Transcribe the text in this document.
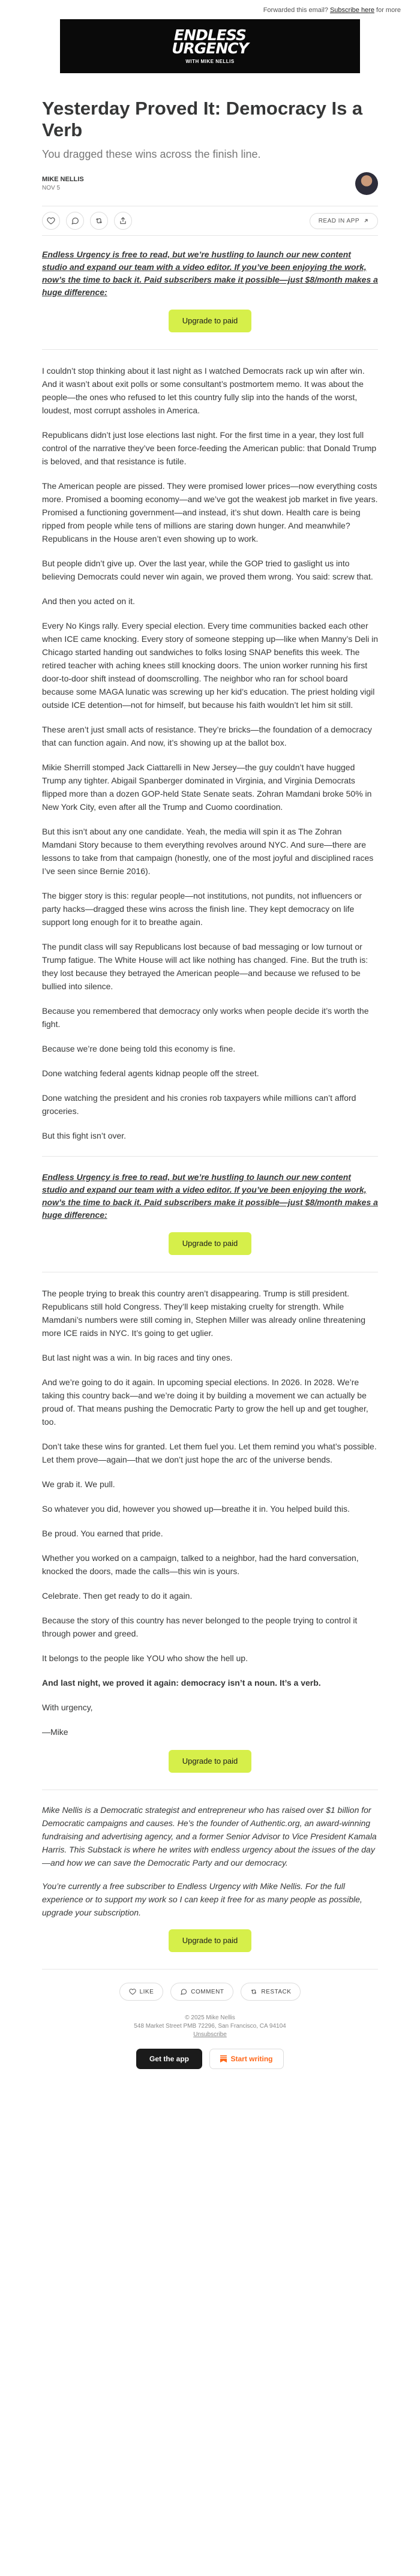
Forwarded this email? Subscribe here for more
ENDLESS
URGENCY
WITH MIKE NELLIS
Yesterday Proved It: Democracy Is a Verb
You dragged these wins across the finish line.
MIKE NELLIS
NOV 5
READ IN APP
Endless Urgency is free to read, but we’re hustling to launch our new content studio and expand our team with a video editor. If you’ve been enjoying the work, now’s the time to back it. Paid subscribers make it possible—just $8/month makes a huge difference:
Upgrade to paid

I couldn’t stop thinking about it last night as I watched Democrats rack up win after win. And it wasn’t about exit polls or some consultant’s postmortem memo. It was about the people—the ones who refused to let this country fully slip into the hands of the worst, loudest, most corrupt assholes in America.

Republicans didn’t just lose elections last night. For the first time in a year, they lost full control of the narrative they’ve been force-feeding the American public: that Donald Trump is beloved, and that resistance is futile.

The American people are pissed. They were promised lower prices—now everything costs more. Promised a booming economy—and we’ve got the weakest job market in five years. Promised a functioning government—and instead, it’s shut down. Health care is being ripped from people while tens of millions are staring down hunger. And meanwhile? Republicans in the House aren’t even showing up to work.

But people didn’t give up. Over the last year, while the GOP tried to gaslight us into believing Democrats could never win again, we proved them wrong. You said: screw that.

And then you acted on it.

Every No Kings rally. Every special election. Every time communities backed each other when ICE came knocking. Every story of someone stepping up—like when Manny’s Deli in Chicago started handing out sandwiches to folks losing SNAP benefits this week. The retired teacher with aching knees still knocking doors. The union worker running his first door-to-door shift instead of doomscrolling. The neighbor who ran for school board because some MAGA lunatic was screwing up her kid’s education. The priest holding vigil outside ICE detention—not for himself, but because his faith wouldn’t let him sit still.

These aren’t just small acts of resistance. They’re bricks—the foundation of a democracy that can function again. And now, it’s showing up at the ballot box.

Mikie Sherrill stomped Jack Ciattarelli in New Jersey—the guy couldn’t have hugged Trump any tighter. Abigail Spanberger dominated in Virginia, and Virginia Democrats flipped more than a dozen GOP-held State Senate seats. Zohran Mamdani broke 50% in New York City, even after all the Trump and Cuomo coordination.

But this isn’t about any one candidate. Yeah, the media will spin it as The Zohran Mamdani Story because to them everything revolves around NYC. And sure—there are lessons to take from that campaign (honestly, one of the most joyful and disciplined races I’ve seen since Bernie 2016).

The bigger story is this: regular people—not institutions, not pundits, not influencers or party hacks—dragged these wins across the finish line. They kept democracy on life support long enough for it to breathe again.

The pundit class will say Republicans lost because of bad messaging or low turnout or Trump fatigue. The White House will act like nothing has changed. Fine. But the truth is: they lost because they betrayed the American people—and because we refused to be bullied into silence.

Because you remembered that democracy only works when people decide it’s worth the fight.

Because we’re done being told this economy is fine.

Done watching federal agents kidnap people off the street.

Done watching the president and his cronies rob taxpayers while millions can’t afford groceries.

But this fight isn’t over.

Endless Urgency is free to read, but we’re hustling to launch our new content studio and expand our team with a video editor. If you’ve been enjoying the work, now’s the time to back it. Paid subscribers make it possible—just $8/month makes a huge difference:
Upgrade to paid

The people trying to break this country aren’t disappearing. Trump is still president. Republicans still hold Congress. They’ll keep mistaking cruelty for strength. While Mamdani’s numbers were still coming in, Stephen Miller was already online threatening more ICE raids in NYC. It’s going to get uglier.

But last night was a win. In big races and tiny ones.

And we’re going to do it again. In upcoming special elections. In 2026. In 2028. We’re taking this country back—and we’re doing it by building a movement we can actually be proud of. That means pushing the Democratic Party to grow the hell up and get tougher, too.

Don’t take these wins for granted. Let them fuel you. Let them remind you what’s possible. Let them prove—again—that we don’t just hope the arc of the universe bends.

We grab it. We pull.

So whatever you did, however you showed up—breathe it in. You helped build this.

Be proud. You earned that pride.

Whether you worked on a campaign, talked to a neighbor, had the hard conversation, knocked the doors, made the calls—this win is yours.

Celebrate. Then get ready to do it again.

Because the story of this country has never belonged to the people trying to control it through power and greed.

It belongs to the people like YOU who show the hell up.

And last night, we proved it again: democracy isn’t a noun. It’s a verb.

With urgency,

—Mike

Upgrade to paid

Mike Nellis is a Democratic strategist and entrepreneur who has raised over $1 billion for Democratic campaigns and causes. He’s the founder of Authentic.org, an award-winning fundraising and advertising agency, and a former Senior Advisor to Vice President Kamala Harris. This Substack is where he writes with endless urgency about the issues of the day—and how we can save the Democratic Party and our democracy.

You’re currently a free subscriber to Endless Urgency with Mike Nellis. For the full experience or to support my work so I can keep it free for as many people as possible, upgrade your subscription.

Upgrade to paid
LIKE	COMMENT	RESTACK
© 2025 Mike Nellis
548 Market Street PMB 72296, San Francisco, CA 94104
Unsubscribe
Get the app	Start writing
